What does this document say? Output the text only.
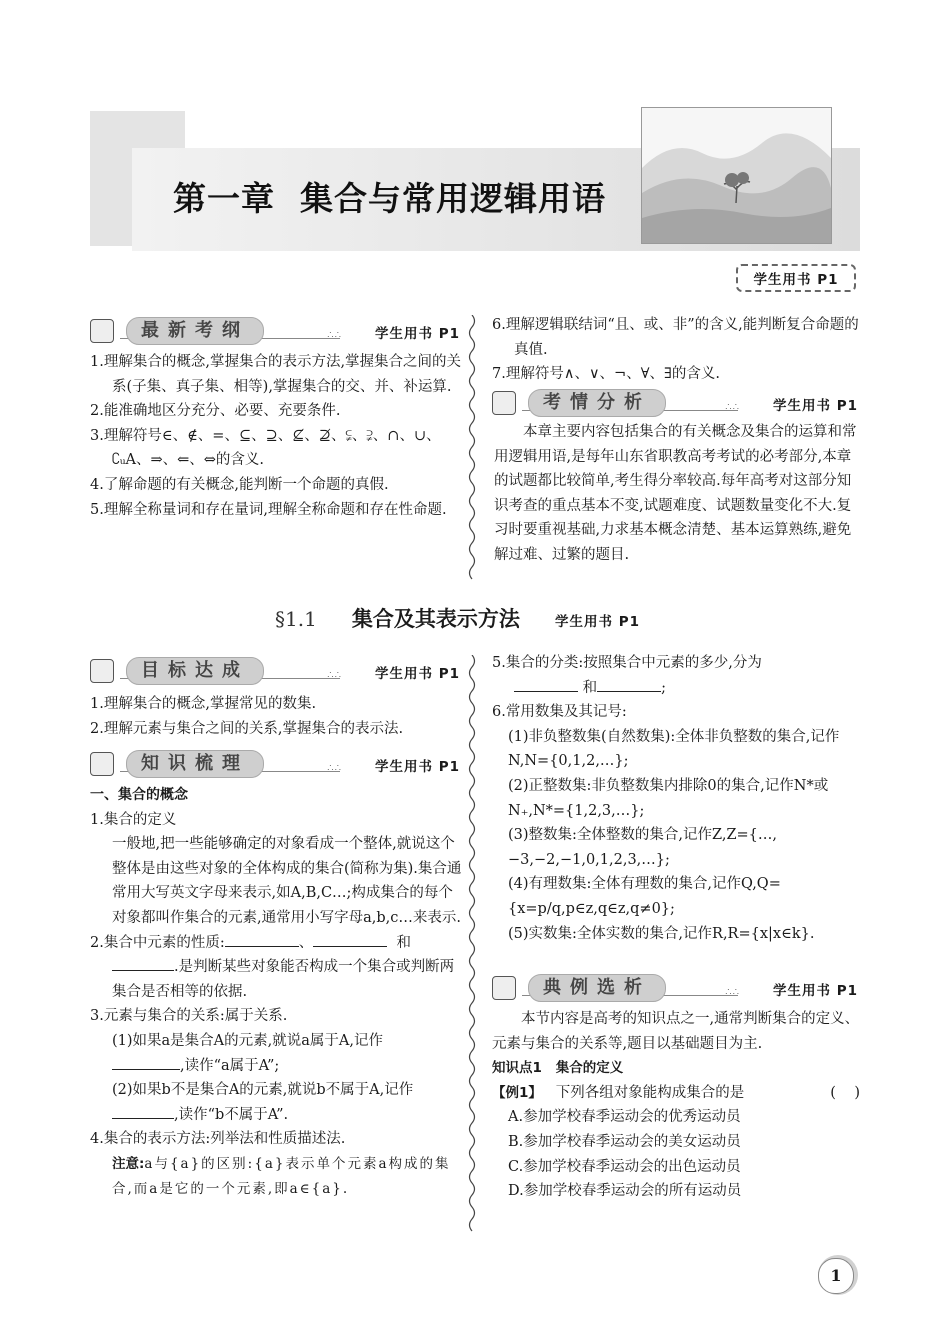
第一章  集合与常用逻辑用语
学生用书 P1
最新考纲	∴∴ 学生用书 P1

1.理解集合的概念,掌握集合的表示方法,掌握集合之间的关系(子集、真子集、相等),掌握集合的交、并、补运算.

2.能准确地区分充分、必要、充要条件.

3.理解符号∈、∉、=、⊆、⊇、⊈、⊉、⫋、⫌、∩、∪、∁ᵤA、⇒、⇐、⇔的含义.

4.了解命题的有关概念,能判断一个命题的真假.

5.理解全称量词和存在量词,理解全称命题和存在性命题.

6.理解逻辑联结词“且、或、非”的含义,能判断复合命题的真值.

7.理解符号∧、∨、¬、∀、∃的含义.

考情分析	∴∴ 学生用书 P1

本章主要内容包括集合的有关概念及集合的运算和常用逻辑用语,是每年山东省职教高考考试的必考部分,本章的试题都比较简单,考生得分率较高.每年高考对这部分知识考查的重点基本不变,试题难度、试题数量变化不大.复习时要重视基础,力求基本概念清楚、基本运算熟练,避免解过难、过繁的题目.

§1.1 集合及其表示方法	学生用书 P1
目标达成	∴∴ 学生用书 P1

1.理解集合的概念,掌握常见的数集.

2.理解元素与集合之间的关系,掌握集合的表示法.

知识梳理	∴∴ 学生用书 P1
一、集合的概念
1.集合的定义

一般地,把一些能够确定的对象看成一个整体,就说这个整体是由这些对象的全体构成的集合(简称为集).集合通常用大写英文字母来表示,如A,B,C…;构成集合的每个对象都叫作集合的元素,通常用小写字母a,b,c…来表示.

2.集合中元素的性质:	、	和
.是判断某些对象能否构成一个集合或判断两集合是否相等的依据.

3.元素与集合的关系:属于关系.

(1)如果a是集合A的元素,就说a属于A,记作
,读作“a属于A”;

(2)如果b不是集合A的元素,就说b不属于A,记作,读作“b不属于A”.

4.集合的表示方法:列举法和性质描述法.

注意:a与{a}的区别:{a}表示单个元素a构成的集合,而a是它的一个元素,即a∈{a}.

5.集合的分类:按照集合中元素的多少,分为
和	;

6.常用数集及其记号:

(1)非负整数集(自然数集):全体非负整数的集合,记作N,N={0,1,2,…};

(2)正整数集:非负整数集内排除0的集合,记作N*或N₊,N*={1,2,3,…};

(3)整数集:全体整数的集合,记作Z,Z={…,−3,−2,−1,0,1,2,3,…};

(4)有理数集:全体有理数的集合,记作Q,Q={x=p/q,p∈z,q∈z,q≠0};

(5)实数集:全体实数的集合,记作R,R={x|x∈k}.

典例选析	∴∴ 学生用书 P1

本节内容是高考的知识点之一,通常判断集合的定义、元素与集合的关系等,题目以基础题目为主.

知识点1 集合的定义
【例1】 下列各组对象能构成集合的是	(    )
A.参加学校春季运动会的优秀运动员
B.参加学校春季运动会的美女运动员
C.参加学校春季运动会的出色运动员
D.参加学校春季运动会的所有运动员
1
